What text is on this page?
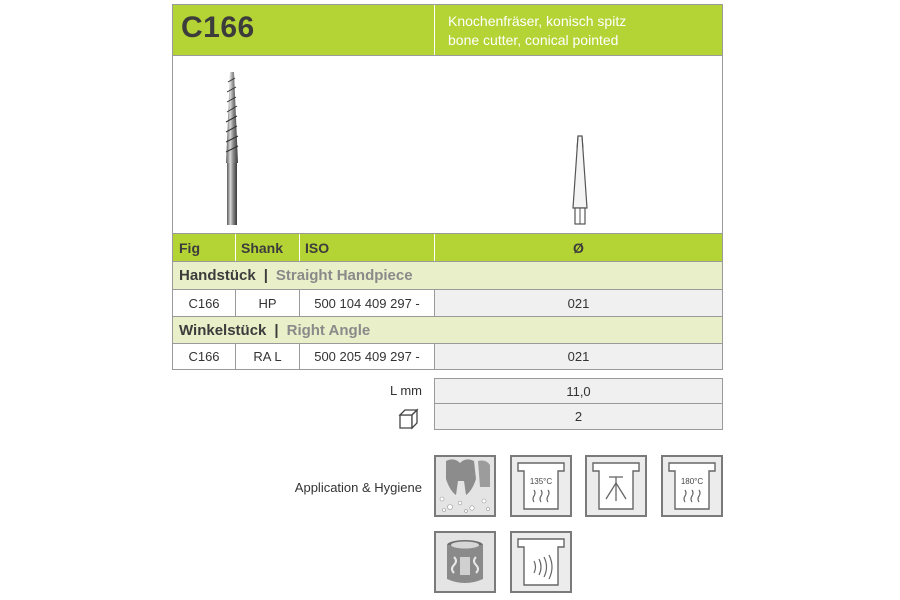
C166	Knochenfräser, konisch spitz
bone cutter, conical pointed
Fig	Shank	ISO	Ø
Handstück | Straight Handpiece
C166	HP	500 104 409 297 -	021
Winkelstück | Right Angle
C166	RA L	500 205 409 297 -	021
L mm	11,0
2
Application & Hygiene	135°C	180°C
